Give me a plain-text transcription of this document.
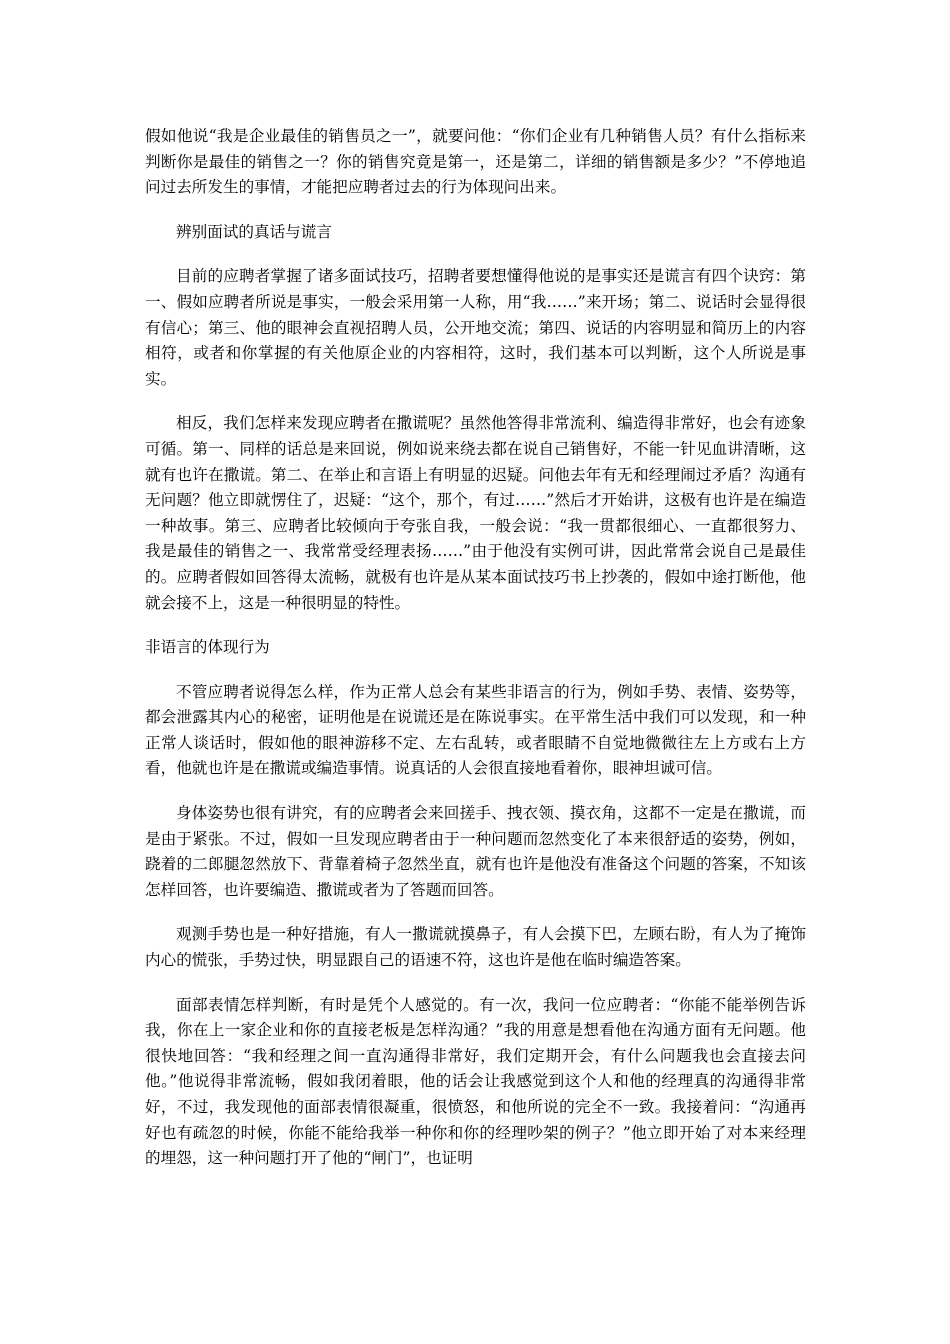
假如他说“我是企业最佳的销售员之一”，就要问他：“你们企业有几种销售人员？有什么指标来判断你是最佳的销售之一？你的销售究竟是第一，还是第二，详细的销售额是多少？”不停地追问过去所发生的事情，才能把应聘者过去的行为体现问出来。

辨别面试的真话与谎言

目前的应聘者掌握了诸多面试技巧，招聘者要想懂得他说的是事实还是谎言有四个诀窍：第一、假如应聘者所说是事实，一般会采用第一人称，用“我……”来开场；第二、说话时会显得很有信心；第三、他的眼神会直视招聘人员，公开地交流；第四、说话的内容明显和简历上的内容相符，或者和你掌握的有关他原企业的内容相符，这时，我们基本可以判断，这个人所说是事实。

相反，我们怎样来发现应聘者在撒谎呢？虽然他答得非常流利、编造得非常好，也会有迹象可循。第一、同样的话总是来回说，例如说来绕去都在说自己销售好，不能一针见血讲清晰，这就有也许在撒谎。第二、在举止和言语上有明显的迟疑。问他去年有无和经理闹过矛盾？沟通有无问题？他立即就愣住了，迟疑：“这个，那个，有过……”然后才开始讲，这极有也许是在编造一种故事。第三、应聘者比较倾向于夸张自我，一般会说：“我一贯都很细心、一直都很努力、我是最佳的销售之一、我常常受经理表扬……”由于他没有实例可讲，因此常常会说自己是最佳的。应聘者假如回答得太流畅，就极有也许是从某本面试技巧书上抄袭的，假如中途打断他，他就会接不上，这是一种很明显的特性。

非语言的体现行为

不管应聘者说得怎么样，作为正常人总会有某些非语言的行为，例如手势、表情、姿势等，都会泄露其内心的秘密，证明他是在说谎还是在陈说事实。在平常生活中我们可以发现，和一种正常人谈话时，假如他的眼神游移不定、左右乱转，或者眼睛不自觉地微微往左上方或右上方看，他就也许是在撒谎或编造事情。说真话的人会很直接地看着你，眼神坦诚可信。

身体姿势也很有讲究，有的应聘者会来回搓手、拽衣领、摸衣角，这都不一定是在撒谎，而是由于紧张。不过，假如一旦发现应聘者由于一种问题而忽然变化了本来很舒适的姿势，例如，跷着的二郎腿忽然放下、背靠着椅子忽然坐直，就有也许是他没有准备这个问题的答案，不知该怎样回答，也许要编造、撒谎或者为了答题而回答。

观测手势也是一种好措施，有人一撒谎就摸鼻子，有人会摸下巴，左顾右盼，有人为了掩饰内心的慌张，手势过快，明显跟自己的语速不符，这也许是他在临时编造答案。

面部表情怎样判断，有时是凭个人感觉的。有一次，我问一位应聘者：“你能不能举例告诉我，你在上一家企业和你的直接老板是怎样沟通？”我的用意是想看他在沟通方面有无问题。他很快地回答：“我和经理之间一直沟通得非常好，我们定期开会，有什么问题我也会直接去问他。”他说得非常流畅，假如我闭着眼，他的话会让我感觉到这个人和他的经理真的沟通得非常好，不过，我发现他的面部表情很凝重，很愤怒，和他所说的完全不一致。我接着问：“沟通再好也有疏忽的时候，你能不能给我举一种你和你的经理吵架的例子？”他立即开始了对本来经理的埋怨，这一种问题打开了他的“闸门”，也证明
